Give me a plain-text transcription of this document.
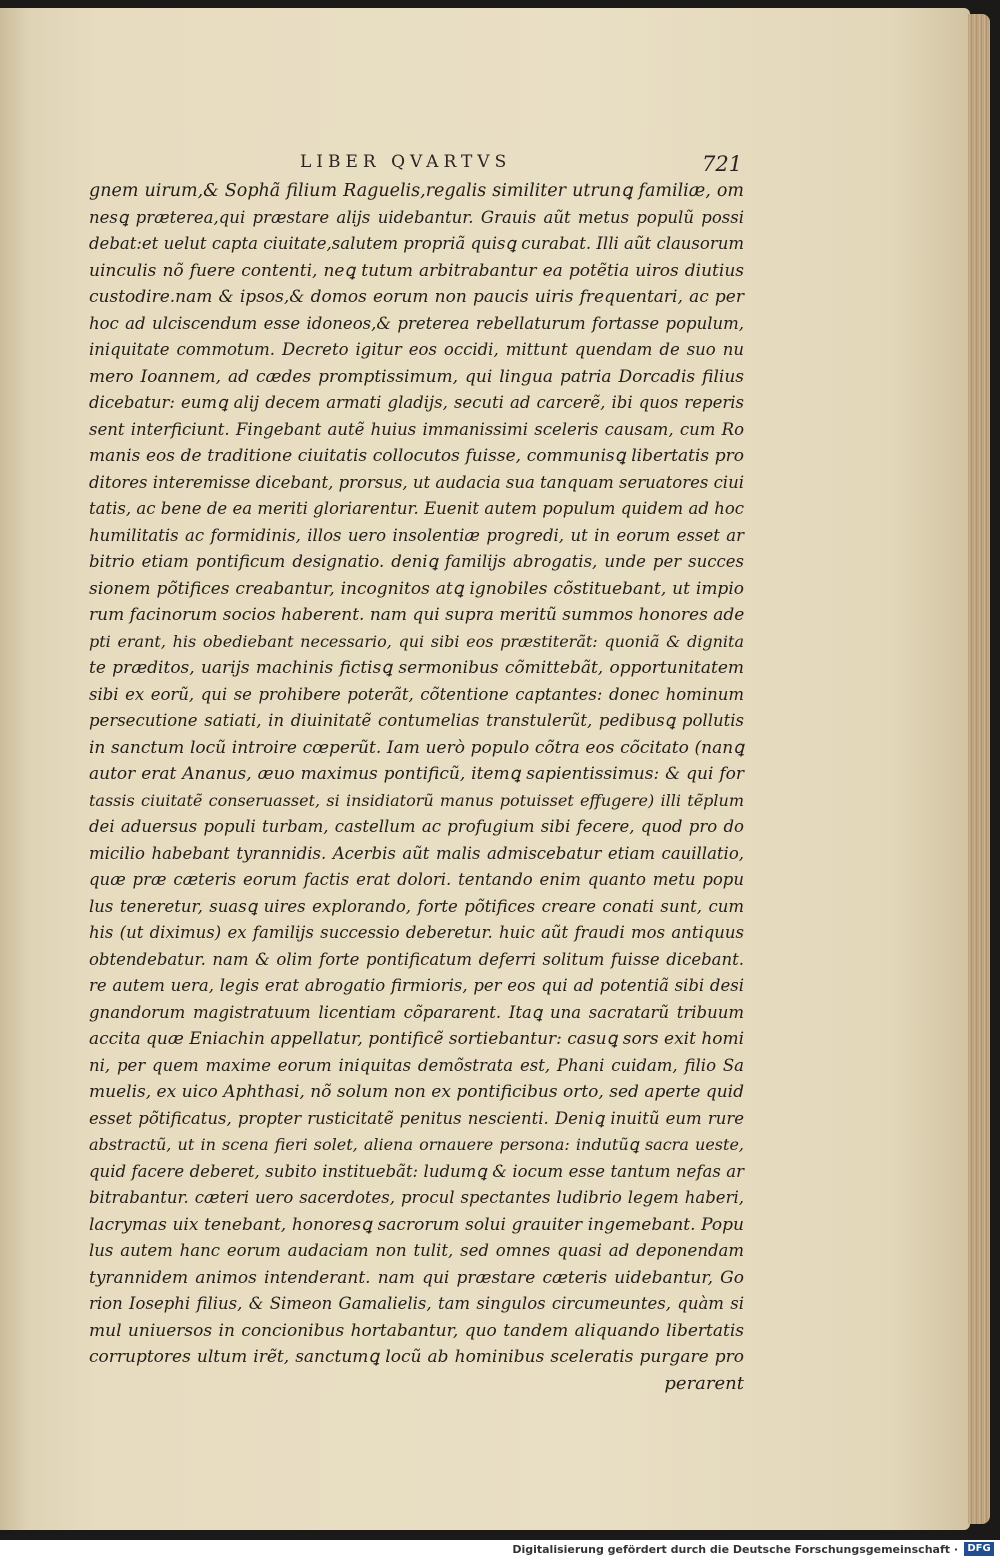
LIBER QVARTVS	721
gnem uirum,& Sophã filium Raguelis,regalis similiter utrunꝗ familiæ, om
nesꝗ præterea,qui præstare alijs uidebantur. Grauis aũt metus populũ possi
debat:et uelut capta ciuitate,salutem propriã quisꝗ curabat. Illi aũt clausorum
uinculis nõ fuere contenti, neꝗ tutum arbitrabantur ea potẽtia uiros diutius
custodire.nam & ipsos,& domos eorum non paucis uiris frequentari, ac per
hoc ad ulciscendum esse idoneos,& preterea rebellaturum fortasse populum,
iniquitate commotum. Decreto igitur eos occidi, mittunt quendam de suo nu
mero Ioannem, ad cædes promptissimum, qui lingua patria Dorcadis filius
dicebatur: eumꝗ alij decem armati gladijs, secuti ad carcerẽ, ibi quos reperis
sent interficiunt. Fingebant autẽ huius immanissimi sceleris causam, cum Ro
manis eos de traditione ciuitatis collocutos fuisse, communisꝗ libertatis pro
ditores interemisse dicebant, prorsus, ut audacia sua tanquam seruatores ciui
tatis, ac bene de ea meriti gloriarentur. Euenit autem populum quidem ad hoc
humilitatis ac formidinis, illos uero insolentiæ progredi, ut in eorum esset ar
bitrio etiam pontificum designatio. deniꝗ familijs abrogatis, unde per succes
sionem põtifices creabantur, incognitos atꝗ ignobiles cõstituebant, ut impio
rum facinorum socios haberent. nam qui supra meritũ summos honores ade
pti erant, his obediebant necessario, qui sibi eos præstiterãt: quoniã & dignita
te præditos, uarijs machinis fictisꝗ sermonibus cõmittebãt, opportunitatem
sibi ex eorũ, qui se prohibere poterãt, cõtentione captantes: donec hominum
persecutione satiati, in diuinitatẽ contumelias transtulerũt, pedibusꝗ pollutis
in sanctum locũ introire cœperũt. Iam uerò populo cõtra eos cõcitato (nanꝗ
autor erat Ananus, æuo maximus pontificũ, itemꝗ sapientissimus: & qui for
tassis ciuitatẽ conseruasset, si insidiatorũ manus potuisset effugere) illi tẽplum
dei aduersus populi turbam, castellum ac profugium sibi fecere, quod pro do
micilio habebant tyrannidis. Acerbis aũt malis admiscebatur etiam cauillatio,
quæ præ cæteris eorum factis erat dolori. tentando enim quanto metu popu
lus teneretur, suasꝗ uires explorando, forte põtifices creare conati sunt, cum
his (ut diximus) ex familijs successio deberetur. huic aũt fraudi mos antiquus
obtendebatur. nam & olim forte pontificatum deferri solitum fuisse dicebant.
re autem uera, legis erat abrogatio firmioris, per eos qui ad potentiã sibi desi
gnandorum magistratuum licentiam cõpararent. Itaꝗ una sacratarũ tribuum
accita quæ Eniachin appellatur, pontificẽ sortiebantur: casuꝗ sors exit homi
ni, per quem maxime eorum iniquitas demõstrata est, Phani cuidam, filio Sa
muelis, ex uico Aphthasi, nõ solum non ex pontificibus orto, sed aperte quid
esset põtificatus, propter rusticitatẽ penitus nescienti. Deniꝗ inuitũ eum rure
abstractũ, ut in scena fieri solet, aliena ornauere persona: indutũꝗ sacra ueste,
quid facere deberet, subito instituebãt: ludumꝗ & iocum esse tantum nefas ar
bitrabantur. cæteri uero sacerdotes, procul spectantes ludibrio legem haberi,
lacrymas uix tenebant, honoresꝗ sacrorum solui grauiter ingemebant. Popu
lus autem hanc eorum audaciam non tulit, sed omnes quasi ad deponendam
tyrannidem animos intenderant. nam qui præstare cæteris uidebantur, Go
rion Iosephi filius, & Simeon Gamalielis, tam singulos circumeuntes, quàm si
mul uniuersos in concionibus hortabantur, quo tandem aliquando libertatis
corruptores ultum irẽt, sanctumꝗ locũ ab hominibus sceleratis purgare pro
perarent
Digitalisierung gefördert durch die Deutsche Forschungsgemeinschaft · DFG
